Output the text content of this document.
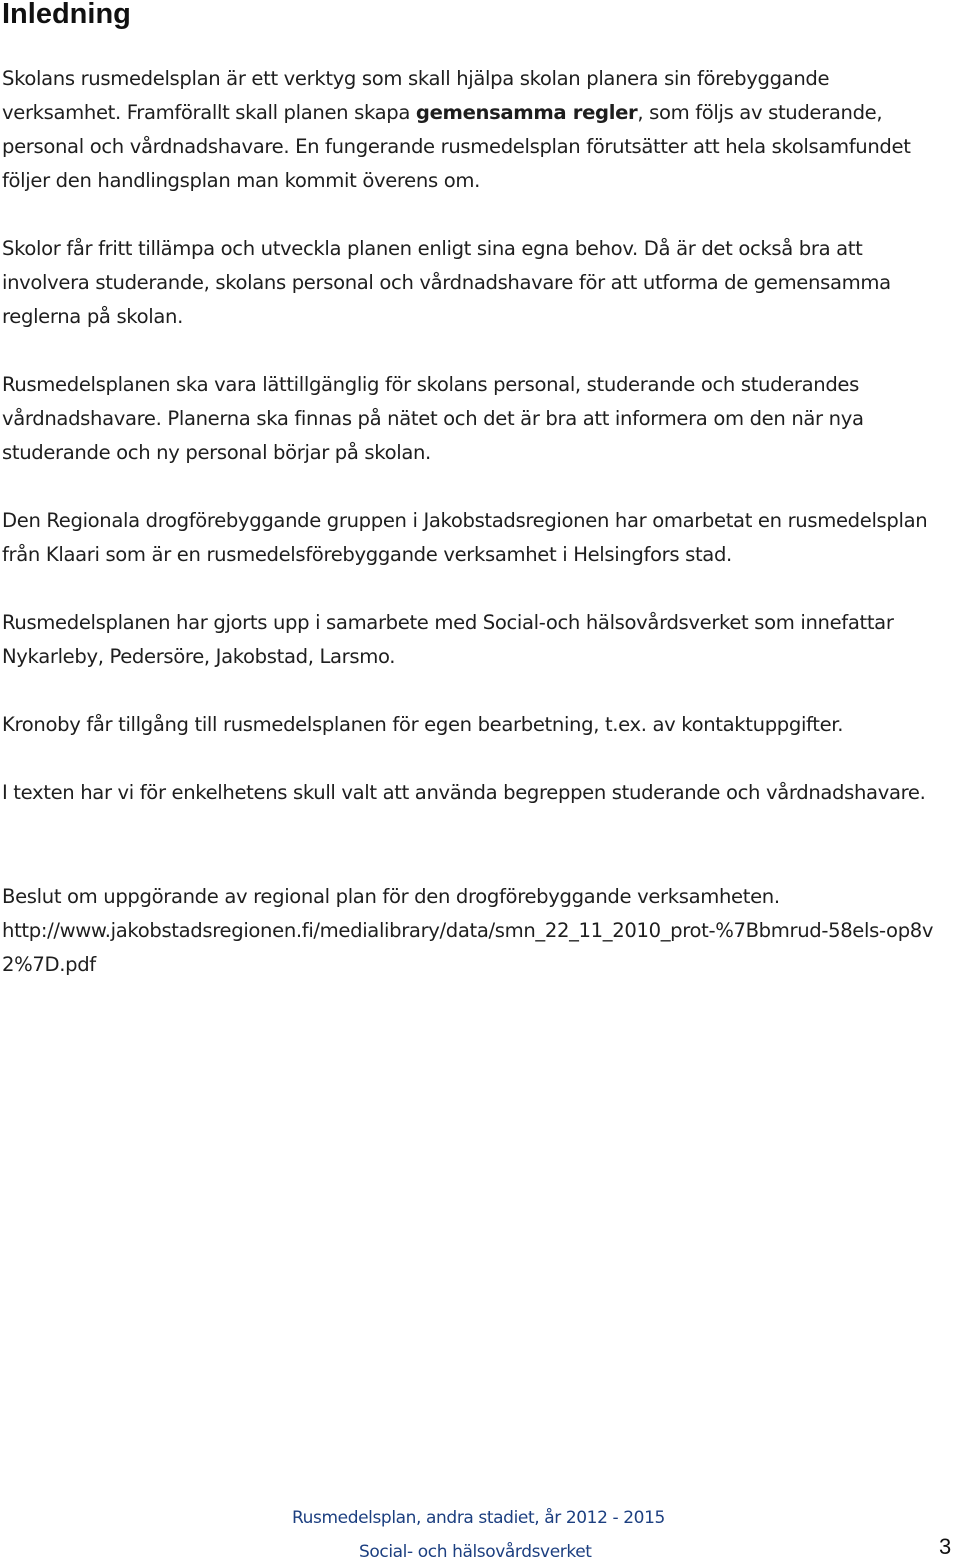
Inledning

Skolans rusmedelsplan är ett verktyg som skall hjälpa skolan planera sin förebyggande verksamhet. Framförallt skall planen skapa gemensamma regler, som följs av studerande, personal och vårdnadshavare. En fungerande rusmedelsplan förutsätter att hela skolsamfundet följer den handlingsplan man kommit överens om.

Skolor får fritt tillämpa och utveckla planen enligt sina egna behov. Då är det också bra att involvera studerande, skolans personal och vårdnadshavare för att utforma de gemensamma reglerna på skolan.

Rusmedelsplanen ska vara lättillgänglig för skolans personal, studerande och studerandes vårdnadshavare. Planerna ska finnas på nätet och det är bra att informera om den när nya studerande och ny personal börjar på skolan.

Den Regionala drogförebyggande gruppen i Jakobstadsregionen har omarbetat en rusmedelsplan från Klaari som är en rusmedelsförebyggande verksamhet i Helsingfors stad.

Rusmedelsplanen har gjorts upp i samarbete med Social-och hälsovårdsverket som innefattar Nykarleby, Pedersöre, Jakobstad, Larsmo.

Kronoby får tillgång till rusmedelsplanen för egen bearbetning, t.ex. av kontaktuppgifter.

I texten har vi för enkelhetens skull valt att använda begreppen studerande och vårdnadshavare.

Beslut om uppgörande av regional plan för den drogförebyggande verksamheten.
http://www.jakobstadsregionen.fi/medialibrary/data/smn_22_11_2010_prot-%7Bbmrud-58els-op8v2%7D.pdf

Rusmedelsplan, andra stadiet, år 2012 - 2015
Social- och hälsovårdsverket	3
